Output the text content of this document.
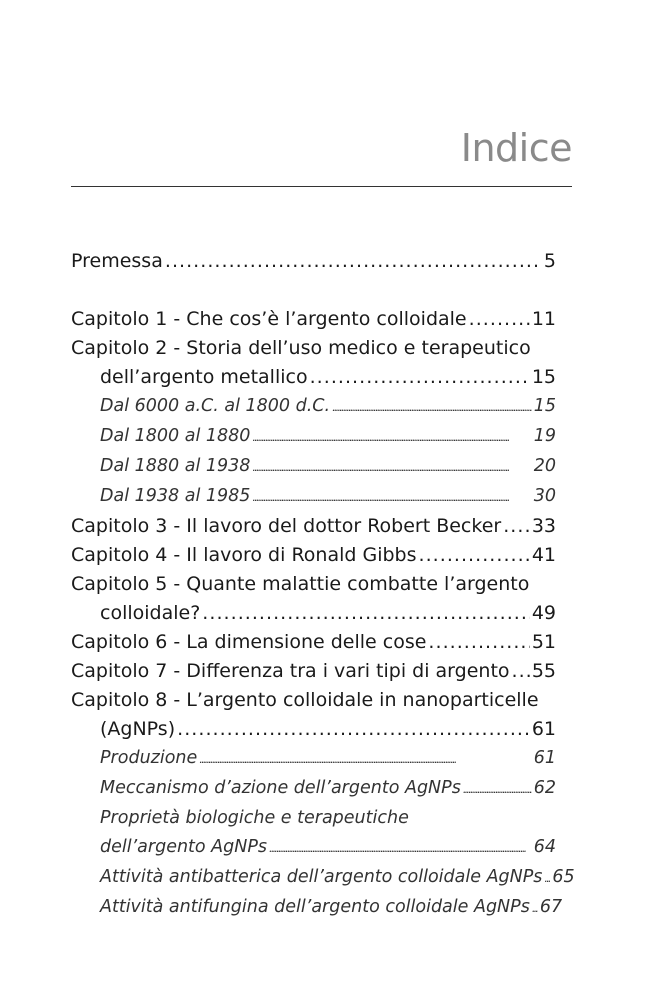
Indice
Premessa . . .	5
Capitolo 1 - Che cos’è l’argento colloidale . . .	11
Capitolo 2 - Storia dell’uso medico e terapeutico
dell’argento metallico . . .	15
Dal 6000 a.C. al 1800 d.C. . . .	15
Dal 1800 al 1880 . . .	19
Dal 1880 al 1938 . . .	20
Dal 1938 al 1985 . . .	30
Capitolo 3 - Il lavoro del dottor Robert Becker . . . 33
Capitolo 4 - Il lavoro di Ronald Gibbs . . .	41
Capitolo 5 - Quante malattie combatte l’argento
colloidale? . . .	49
Capitolo 6 - La dimensione delle cose . . .	51
Capitolo 7 - Differenza tra i vari tipi di argento . . . 55
Capitolo 8 - L’argento colloidale in nanoparticelle
(AgNPs) . . .	61
Produzione . . .	61
Meccanismo d’azione dell’argento AgNPs . . .	62
Proprietà biologiche e terapeutiche
dell’argento AgNPs . . .	64
Attività antibatterica dell’argento colloidale AgNPs . . . 65
Attività antifungina dell’argento colloidale AgNPs . . . 67
